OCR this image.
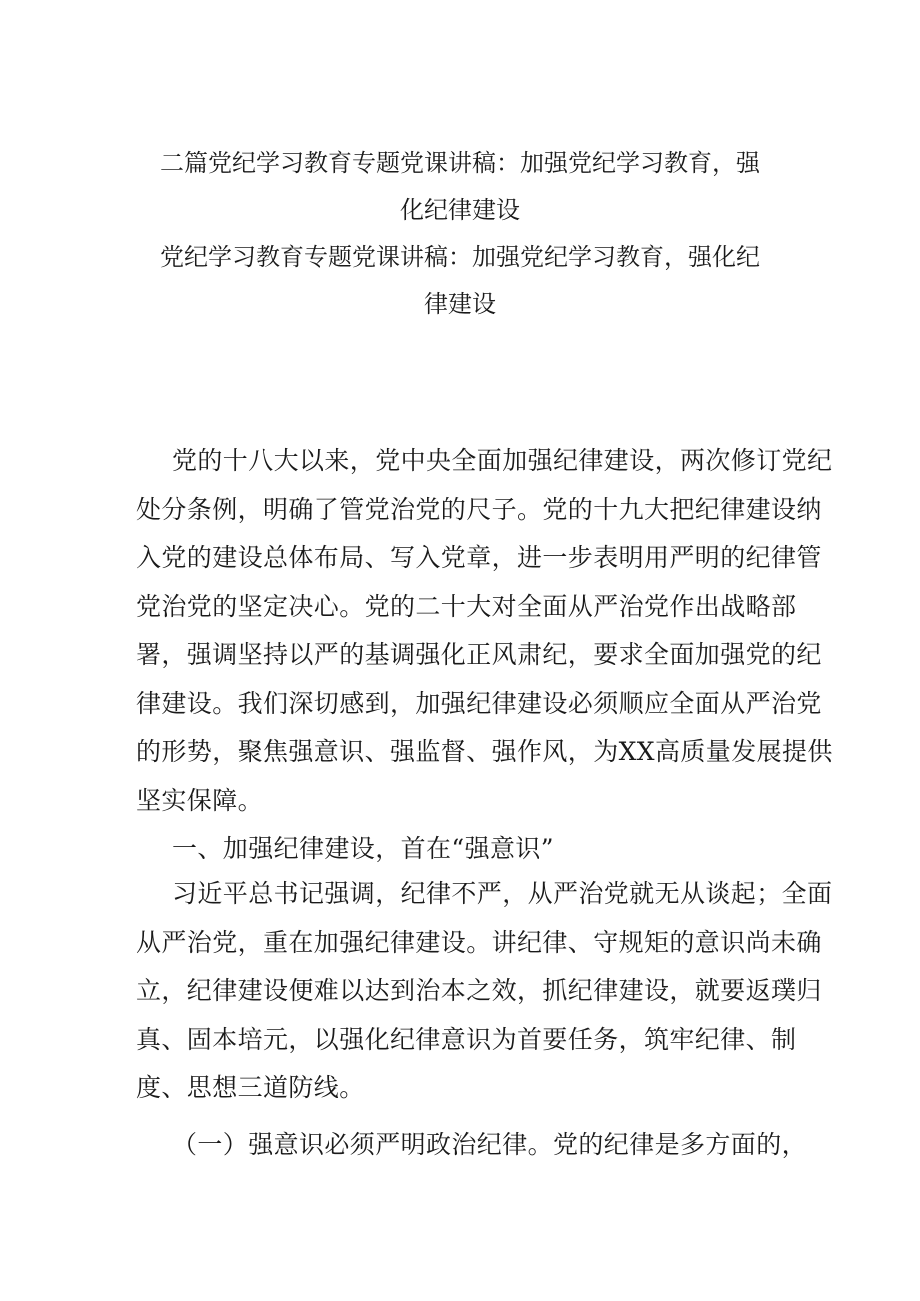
二篇党纪学习教育专题党课讲稿：加强党纪学习教育，强
化纪律建设
党纪学习教育专题党课讲稿：加强党纪学习教育，强化纪
律建设
党的十八大以来，党中央全面加强纪律建设，两次修订党纪
处分条例，明确了管党治党的尺子。党的十九大把纪律建设纳
入党的建设总体布局、写入党章，进一步表明用严明的纪律管
党治党的坚定决心。党的二十大对全面从严治党作出战略部
署，强调坚持以严的基调强化正风肃纪，要求全面加强党的纪
律建设。我们深切感到，加强纪律建设必须顺应全面从严治党
的形势，聚焦强意识、强监督、强作风，为XX高质量发展提供
坚实保障。
一、加强纪律建设，首在“强意识”
习近平总书记强调，纪律不严，从严治党就无从谈起；全面
从严治党，重在加强纪律建设。讲纪律、守规矩的意识尚未确
立，纪律建设便难以达到治本之效，抓纪律建设，就要返璞归
真、固本培元，以强化纪律意识为首要任务，筑牢纪律、制
度、思想三道防线。
（一）强意识必须严明政治纪律。党的纪律是多方面的，
